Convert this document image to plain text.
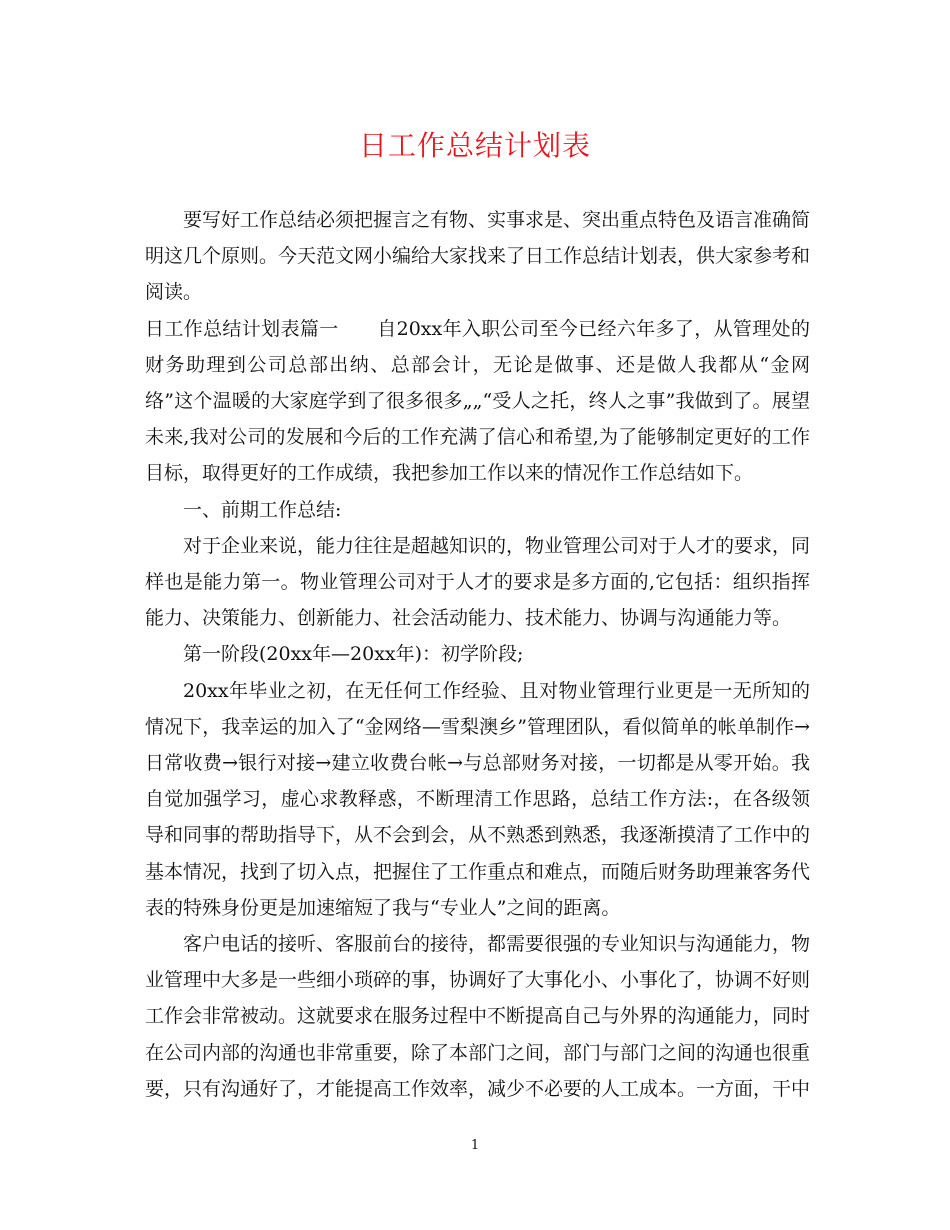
日工作总结计划表

要写好工作总结必须把握言之有物、实事求是、突出重点特色及语言准确简明这几个原则。今天范文网小编给大家找来了日工作总结计划表，供大家参考和阅读。

日工作总结计划表篇一　　自20xx年入职公司至今已经六年多了，从管理处的财务助理到公司总部出纳、总部会计，无论是做事、还是做人我都从“金网络”这个温暖的大家庭学到了很多很多„„“受人之托，终人之事”我做到了。展望未来,我对公司的发展和今后的工作充满了信心和希望,为了能够制定更好的工作目标，取得更好的工作成绩，我把参加工作以来的情况作工作总结如下。

一、前期工作总结:

对于企业来说，能力往往是超越知识的，物业管理公司对于人才的要求，同样也是能力第一。物业管理公司对于人才的要求是多方面的,它包括：组织指挥能力、决策能力、创新能力、社会活动能力、技术能力、协调与沟通能力等。

第一阶段(20xx年—20xx年)：初学阶段;

20xx年毕业之初，在无任何工作经验、且对物业管理行业更是一无所知的情况下，我幸运的加入了“金网络—雪梨澳乡”管理团队，看似简单的帐单制作→日常收费→银行对接→建立收费台帐→与总部财务对接，一切都是从零开始。我自觉加强学习，虚心求教释惑，不断理清工作思路，总结工作方法:，在各级领导和同事的帮助指导下，从不会到会，从不熟悉到熟悉，我逐渐摸清了工作中的基本情况，找到了切入点，把握住了工作重点和难点，而随后财务助理兼客务代表的特殊身份更是加速缩短了我与“专业人”之间的距离。

客户电话的接听、客服前台的接待，都需要很强的专业知识与沟通能力，物业管理中大多是一些细小琐碎的事，协调好了大事化小、小事化了，协调不好则工作会非常被动。这就要求在服务过程中不断提高自己与外界的沟通能力，同时在公司内部的沟通也非常重要，除了本部门之间，部门与部门之间的沟通也很重要，只有沟通好了，才能提高工作效率，减少不必要的人工成本。一方面，干中

1
